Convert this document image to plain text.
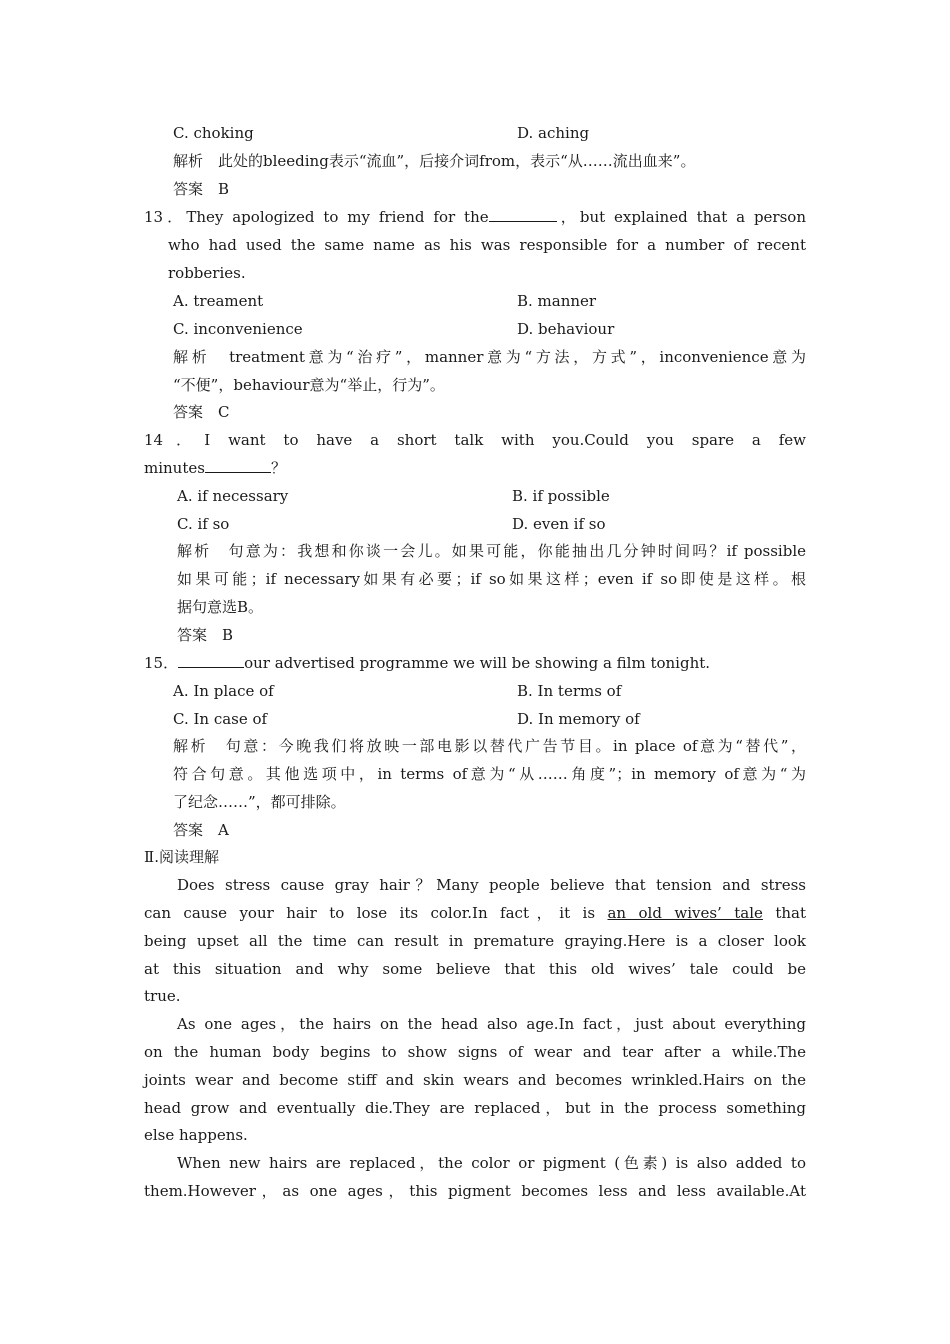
C. choking	D. aching
解析　此处的bleeding表示“流血”，后接介词from，表示“从……流出血来”。
答案　B
13．They apologized to my friend for the	，but explained that a person
who had used the same name as his was responsible for a number of recent
robberies.
A. treament	B. manner
C. inconvenience	D. behaviour
解析　treatment意为“治疗”，manner意为“方法，方式”，inconvenience意为
“不便”，behaviour意为“举止，行为”。
答案　C
14．I want to have a short talk with you.Could you spare a few
minutes	？
A. if necessary	B. if possible
C. if so	D. even if so
解析　句意为：我想和你谈一会儿。如果可能，你能抽出几分钟时间吗？if possible
如果可能；if necessary如果有必要；if so如果这样；even if so即使是这样。根
据句意选B。
答案　B
15．	our advertised programme we will be showing a film tonight.
A. In place of	B. In terms of
C. In case of	D. In memory of
解析　句意：今晚我们将放映一部电影以替代广告节目。in place of意为“替代”，
符合句意。其他选项中，in terms of意为“从……角度”；in memory of意为“为
了纪念……”，都可排除。
答案　A
Ⅱ.阅读理解
Does stress cause gray hair？Many people believe that tension and stress
can cause your hair to lose its color.In fact，it is an old wives’ tale that
being upset all the time can result in premature graying.Here is a closer look
at this situation and why some believe that this old wives’ tale could be
true.
As one ages，the hairs on the head also age.In fact，just about everything
on the human body begins to show signs of wear and tear after a while.The
joints wear and become stiff and skin wears and becomes wrinkled.Hairs on the
head grow and eventually die.They are replaced，but in the process something
else happens.
When new hairs are replaced，the color or pigment (色素) is also added to
them.However，as one ages，this pigment becomes less and less available.At
